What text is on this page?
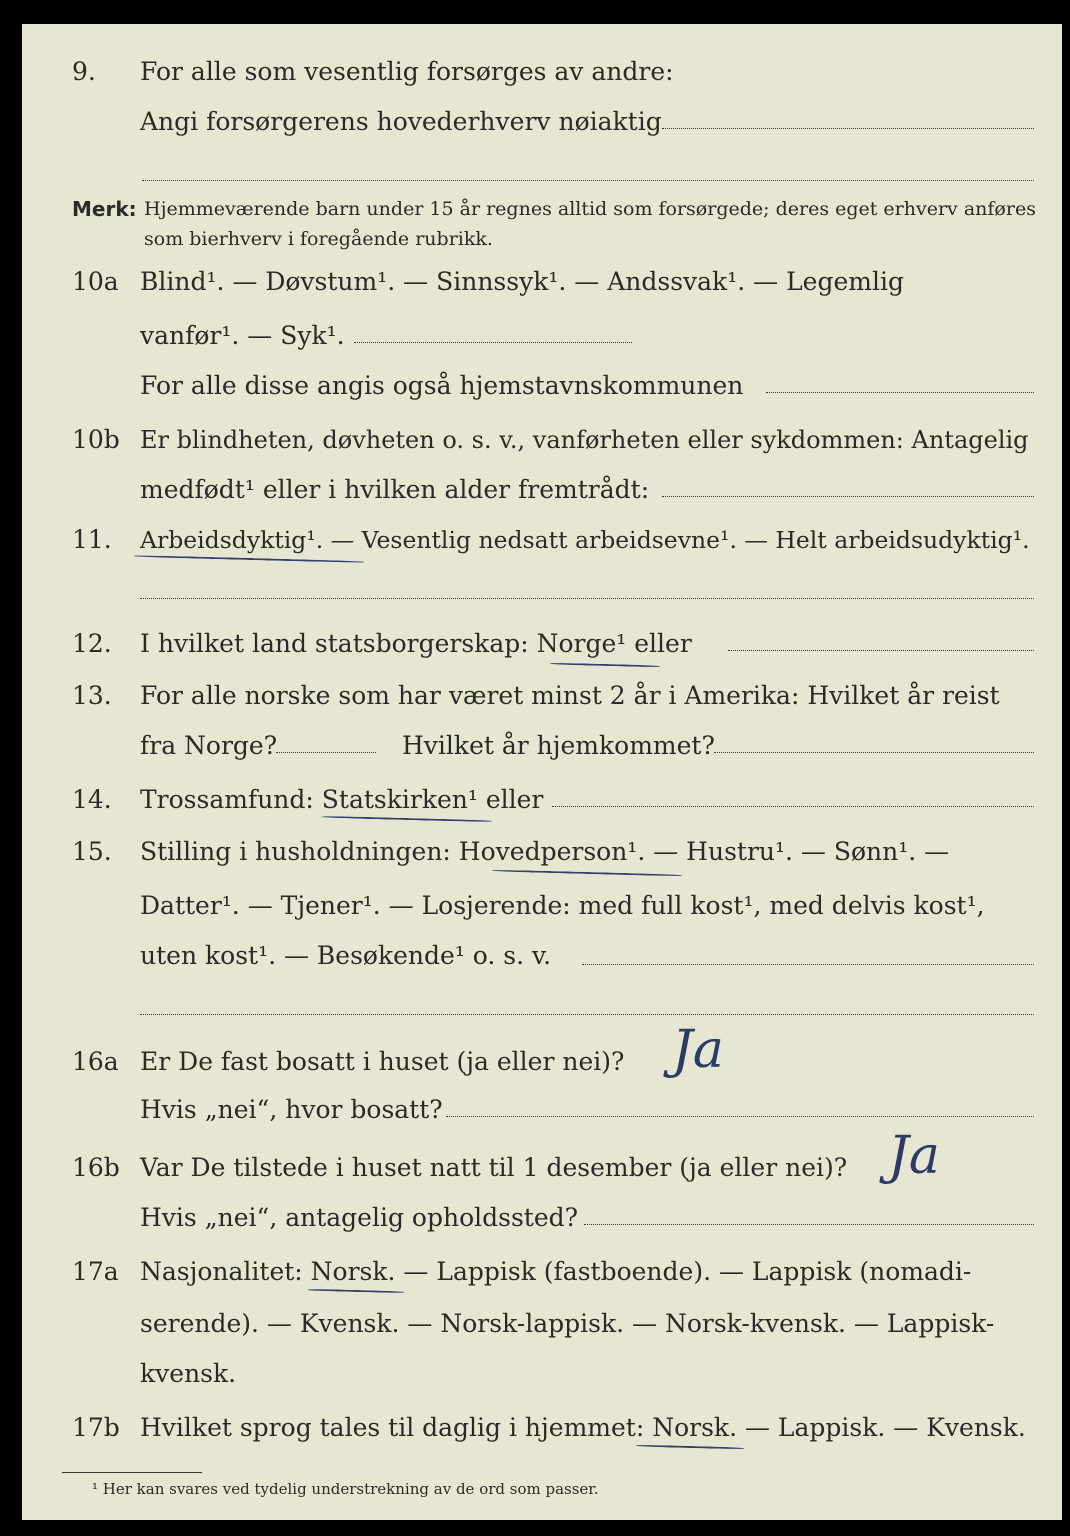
9. For alle som vesentlig forsørges av andre:
Angi forsørgerens hovederhverv nøiaktig
Merk: Hjemmeværende barn under 15 år regnes alltid som forsørgede; deres eget erhverv anføres som bierhverv i foregående rubrikk.
10a Blind¹. — Døvstum¹. — Sinnssyk¹. — Andssvak¹. — Legemlig
vanfør¹. — Syk¹.
For alle disse angis også hjemstavnskommunen
10b Er blindheten, døvheten o. s. v., vanførheten eller sykdommen: Antagelig
medfødt¹ eller i hvilken alder fremtrådt:
11. Arbeidsdyktig¹. — Vesentlig nedsatt arbeidsevne¹. — Helt arbeidsudyktig¹.
12. I hvilket land statsborgerskap: Norge¹ eller
13. For alle norske som har været minst 2 år i Amerika: Hvilket år reist
fra Norge?	Hvilket år hjemkommet?
14. Trossamfund: Statskirken¹ eller
15. Stilling i husholdningen: Hovedperson¹. — Hustru¹. — Sønn¹. —
Datter¹. — Tjener¹. — Losjerende: med full kost¹, med delvis kost¹,
uten kost¹. — Besøkende¹ o. s. v.
16a Er De fast bosatt i huset (ja eller nei)? Ja
Hvis „nei“, hvor bosatt?
16b Var De tilstede i huset natt til 1 desember (ja eller nei)? Ja
Hvis „nei“, antagelig opholdssted?
17a Nasjonalitet: Norsk. — Lappisk (fastboende). — Lappisk (nomadi-
serende). — Kvensk. — Norsk-lappisk. — Norsk-kvensk. — Lappisk-
kvensk.
17b Hvilket sprog tales til daglig i hjemmet: Norsk. — Lappisk. — Kvensk.
¹ Her kan svares ved tydelig understrekning av de ord som passer.
